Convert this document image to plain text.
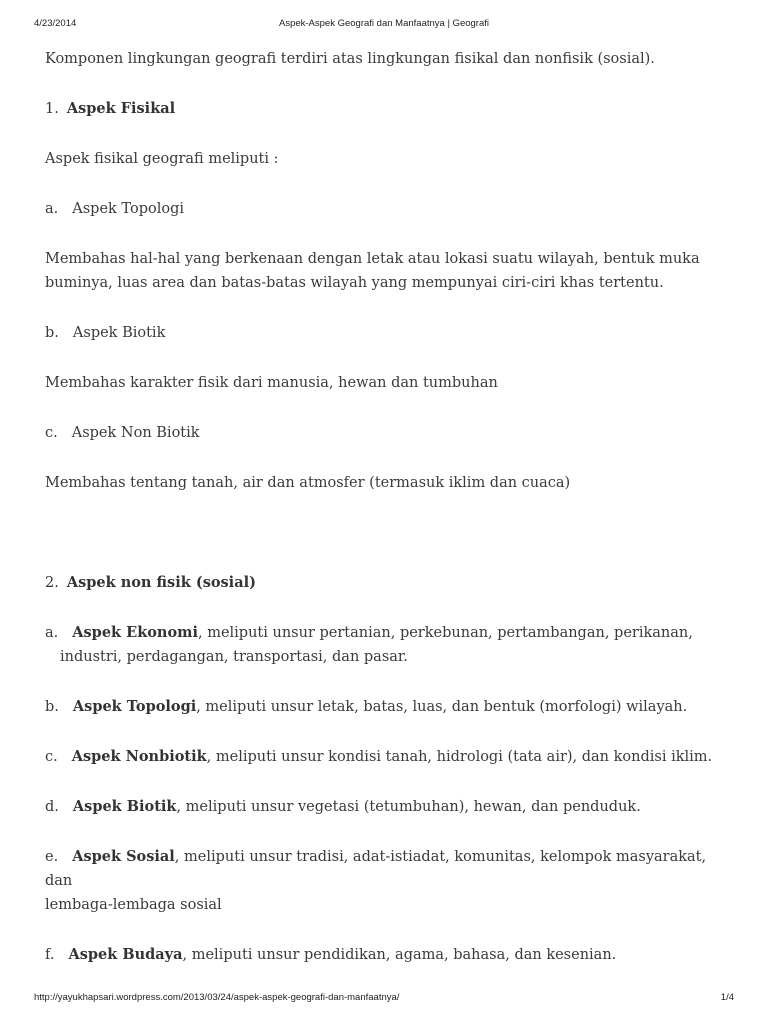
4/23/2014	Aspek-Aspek Geografi dan Manfaatnya | Geografi

Komponen lingkungan geografi terdiri atas lingkungan fisikal dan nonfisik (sosial).

1. Aspek Fisikal

Aspek fisikal geografi meliputi :

a. Aspek Topologi

Membahas hal-hal yang berkenaan dengan letak atau lokasi suatu wilayah, bentuk muka buminya, luas area dan batas-batas wilayah yang mempunyai ciri-ciri khas tertentu.

b. Aspek Biotik

Membahas karakter fisik dari manusia, hewan dan tumbuhan

c. Aspek Non Biotik

Membahas tentang tanah, air dan atmosfer (termasuk iklim dan cuaca)

2. Aspek non fisik (sosial)

a. Aspek Ekonomi, meliputi unsur pertanian, perkebunan, pertambangan, perikanan,
industri, perdagangan, transportasi, dan pasar.

b. Aspek Topologi, meliputi unsur letak, batas, luas, dan bentuk (morfologi) wilayah.

c. Aspek Nonbiotik, meliputi unsur kondisi tanah, hidrologi (tata air), dan kondisi iklim.

d. Aspek Biotik, meliputi unsur vegetasi (tetumbuhan), hewan, dan penduduk.

e. Aspek Sosial, meliputi unsur tradisi, adat-istiadat, komunitas, kelompok masyarakat, dan
lembaga-lembaga sosial

f. Aspek Budaya, meliputi unsur pendidikan, agama, bahasa, dan kesenian.

http://yayukhapsari.wordpress.com/2013/03/24/aspek-aspek-geografi-dan-manfaatnya/	1/4
